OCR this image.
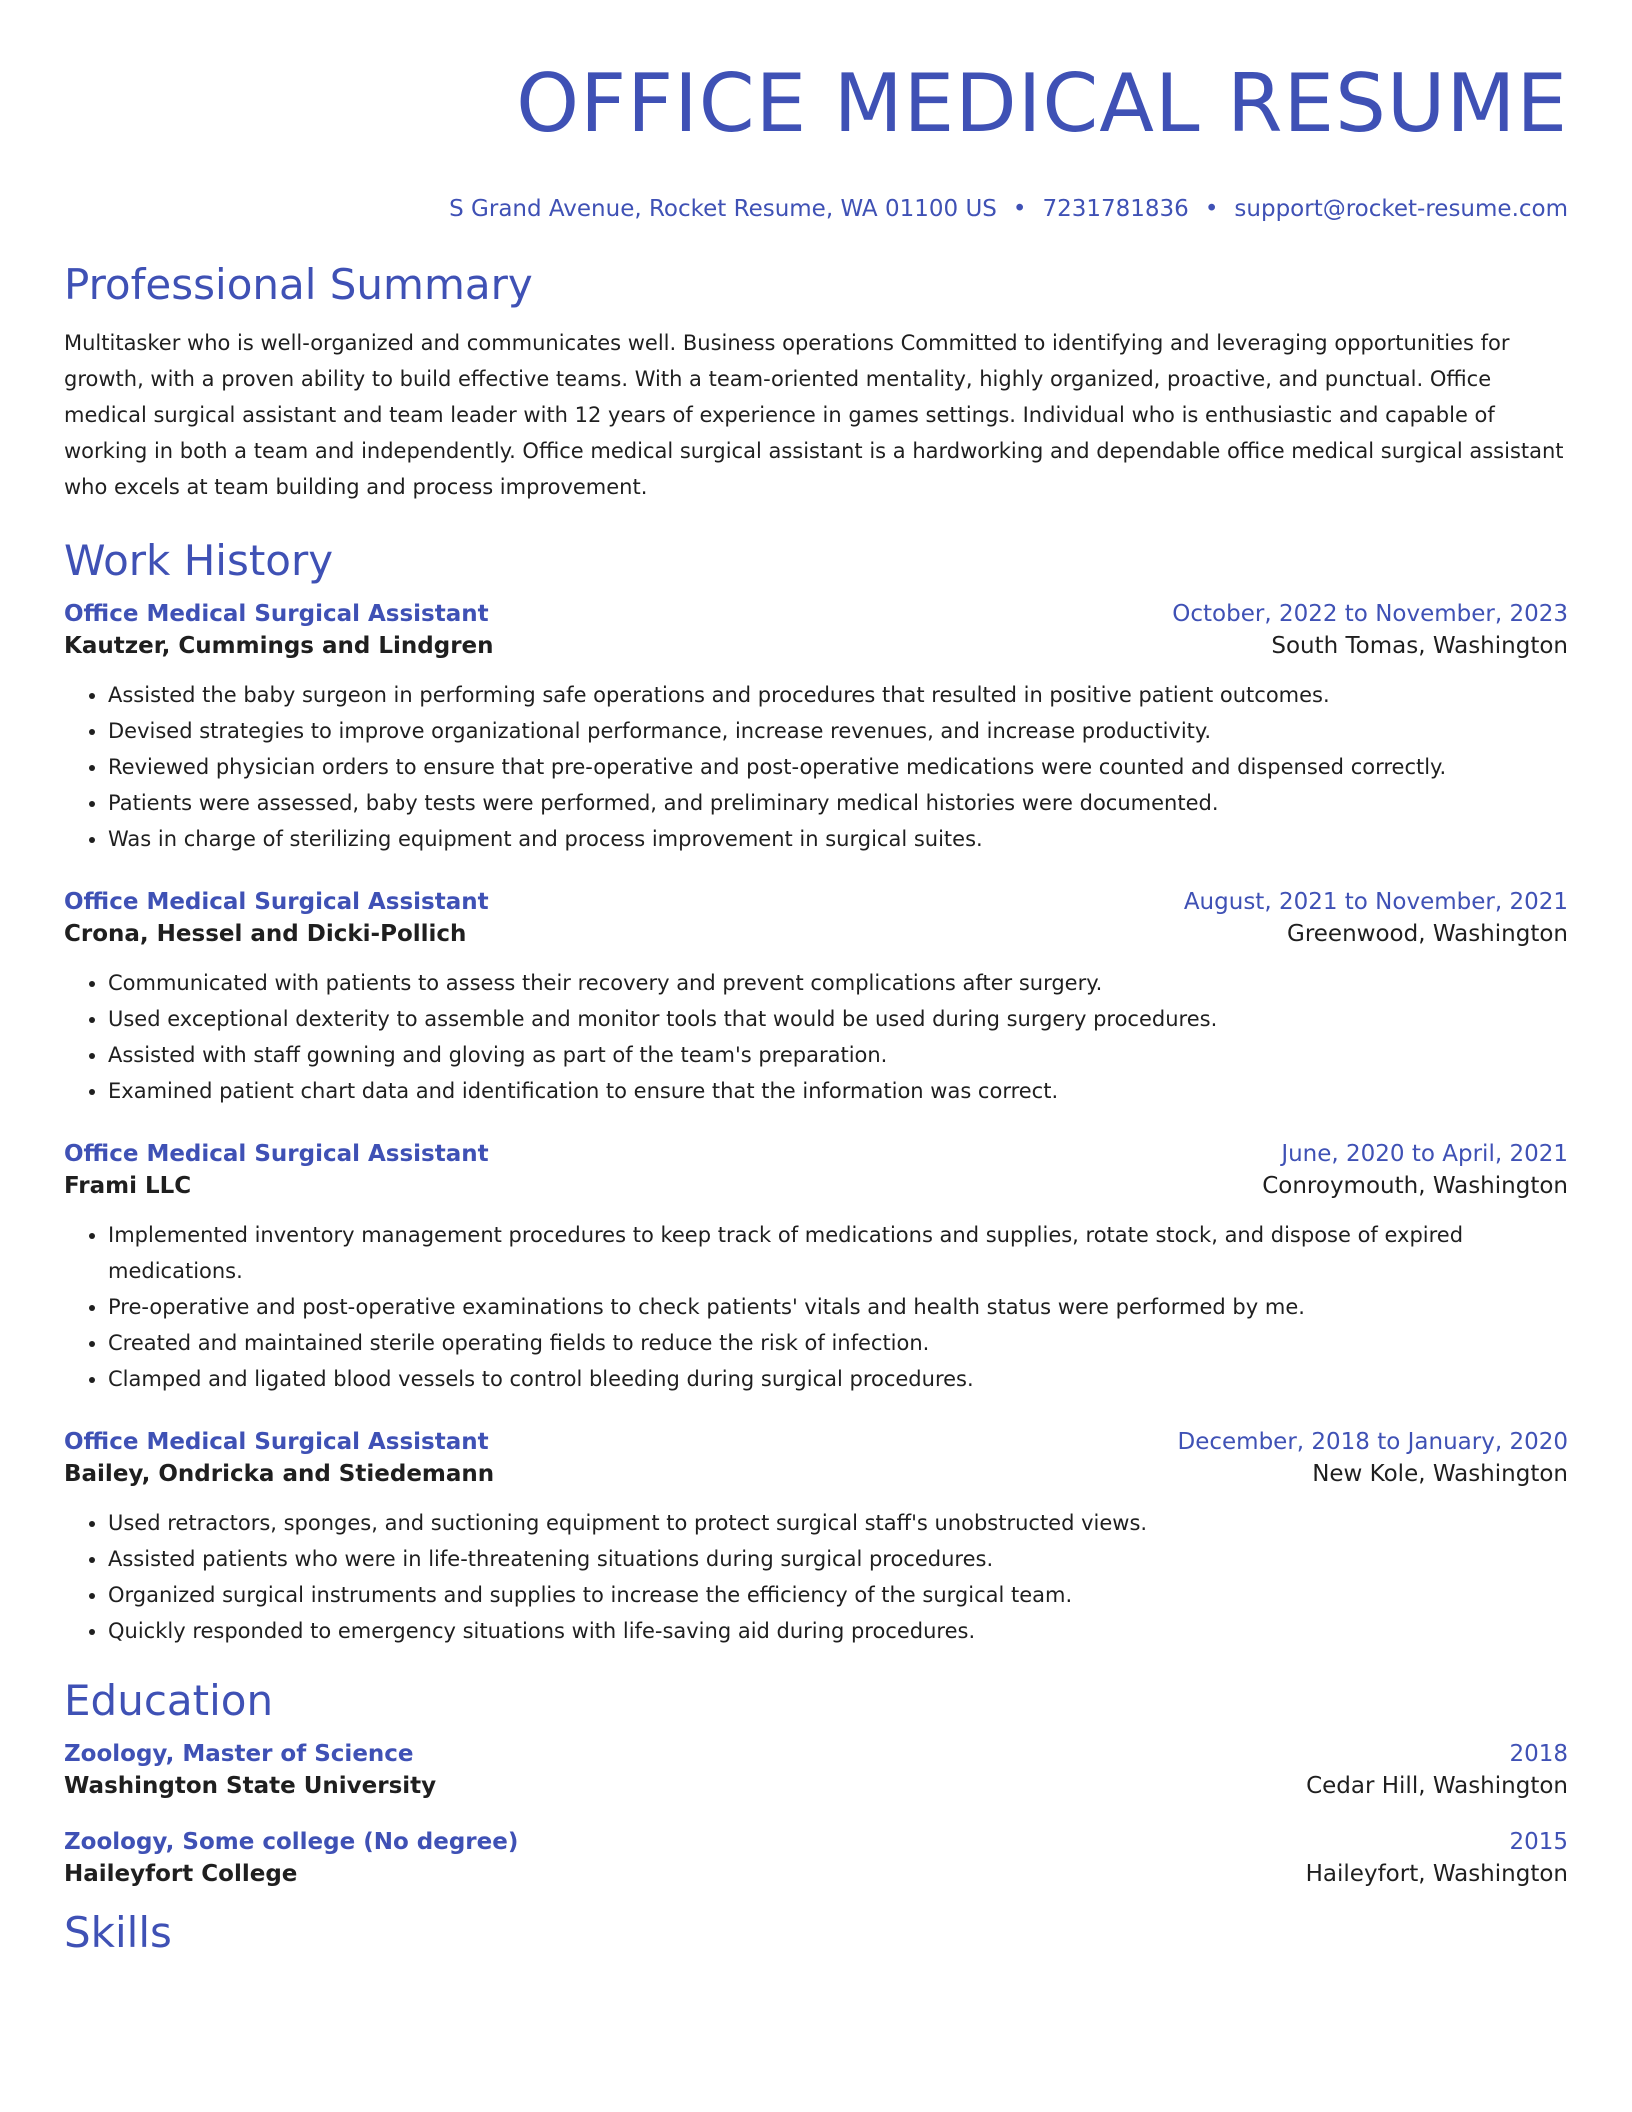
OFFICE MEDICAL RESUME
S Grand Avenue, Rocket Resume, WA 01100 US • 7231781836 • support@rocket-resume.com
Professional Summary
Multitasker who is well-organized and communicates well. Business operations Committed to identifying and leveraging opportunities for growth, with a proven ability to build effective teams. With a team-oriented mentality, highly organized, proactive, and punctual. Office medical surgical assistant and team leader with 12 years of experience in games settings. Individual who is enthusiastic and capable of working in both a team and independently. Office medical surgical assistant is a hardworking and dependable office medical surgical assistant who excels at team building and process improvement.
Work History
Office Medical Surgical Assistant	October, 2022 to November, 2023
Kautzer, Cummings and Lindgren	South Tomas, Washington
• Assisted the baby surgeon in performing safe operations and procedures that resulted in positive patient outcomes.
• Devised strategies to improve organizational performance, increase revenues, and increase productivity.
• Reviewed physician orders to ensure that pre-operative and post-operative medications were counted and dispensed correctly.
• Patients were assessed, baby tests were performed, and preliminary medical histories were documented.
• Was in charge of sterilizing equipment and process improvement in surgical suites.
Office Medical Surgical Assistant	August, 2021 to November, 2021
Crona, Hessel and Dicki-Pollich	Greenwood, Washington
• Communicated with patients to assess their recovery and prevent complications after surgery.
• Used exceptional dexterity to assemble and monitor tools that would be used during surgery procedures.
• Assisted with staff gowning and gloving as part of the team's preparation.
• Examined patient chart data and identification to ensure that the information was correct.
Office Medical Surgical Assistant	June, 2020 to April, 2021
Frami LLC	Conroymouth, Washington
• Implemented inventory management procedures to keep track of medications and supplies, rotate stock, and dispose of expired medications.
• Pre-operative and post-operative examinations to check patients' vitals and health status were performed by me.
• Created and maintained sterile operating fields to reduce the risk of infection.
• Clamped and ligated blood vessels to control bleeding during surgical procedures.
Office Medical Surgical Assistant	December, 2018 to January, 2020
Bailey, Ondricka and Stiedemann	New Kole, Washington
• Used retractors, sponges, and suctioning equipment to protect surgical staff's unobstructed views.
• Assisted patients who were in life-threatening situations during surgical procedures.
• Organized surgical instruments and supplies to increase the efficiency of the surgical team.
• Quickly responded to emergency situations with life-saving aid during procedures.
Education
Zoology, Master of Science	2018
Washington State University	Cedar Hill, Washington
Zoology, Some college (No degree)	2015
Haileyfort College	Haileyfort, Washington
Skills
